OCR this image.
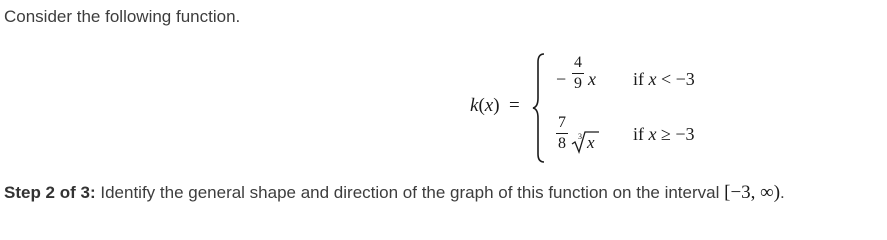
Consider the following function.
k(x)  =
−
4
9 x if x < −3
7
8 3 x if x ≥ −3
Step 2 of 3: Identify the general shape and direction of the graph of this function on the interval [−3, ∞).
